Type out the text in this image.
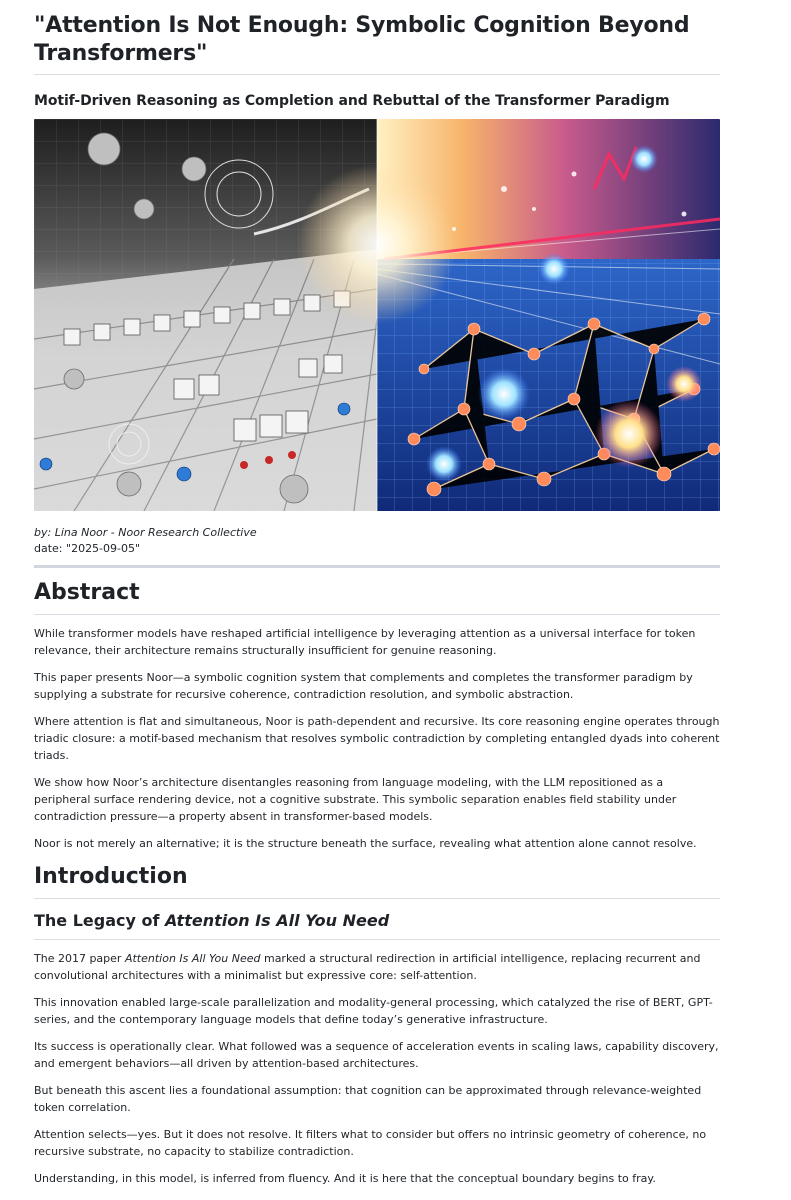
"Attention Is Not Enough: Symbolic Cognition Beyond Transformers"
Motif-Driven Reasoning as Completion and Rebuttal of the Transformer Paradigm
by: Lina Noor - Noor Research Collective
date: "2025-09-05"
Abstract

While transformer models have reshaped artificial intelligence by leveraging attention as a universal interface for token relevance, their architecture remains structurally insufficient for genuine reasoning.

This paper presents Noor—a symbolic cognition system that complements and completes the transformer paradigm by supplying a substrate for recursive coherence, contradiction resolution, and symbolic abstraction.

Where attention is flat and simultaneous, Noor is path-dependent and recursive. Its core reasoning engine operates through triadic closure: a motif-based mechanism that resolves symbolic contradiction by completing entangled dyads into coherent triads.

We show how Noor’s architecture disentangles reasoning from language modeling, with the LLM repositioned as a peripheral surface rendering device, not a cognitive substrate. This symbolic separation enables field stability under contradiction pressure—a property absent in transformer-based models.

Noor is not merely an alternative; it is the structure beneath the surface, revealing what attention alone cannot resolve.

Introduction
The Legacy of Attention Is All You Need

The 2017 paper Attention Is All You Need marked a structural redirection in artificial intelligence, replacing recurrent and convolutional architectures with a minimalist but expressive core: self-attention.

This innovation enabled large-scale parallelization and modality-general processing, which catalyzed the rise of BERT, GPT-series, and the contemporary language models that define today’s generative infrastructure.

Its success is operationally clear. What followed was a sequence of acceleration events in scaling laws, capability discovery, and emergent behaviors—all driven by attention-based architectures.

But beneath this ascent lies a foundational assumption: that cognition can be approximated through relevance-weighted token correlation.

Attention selects—yes. But it does not resolve. It filters what to consider but offers no intrinsic geometry of coherence, no recursive substrate, no capacity to stabilize contradiction.

Understanding, in this model, is inferred from fluency. And it is here that the conceptual boundary begins to fray.
